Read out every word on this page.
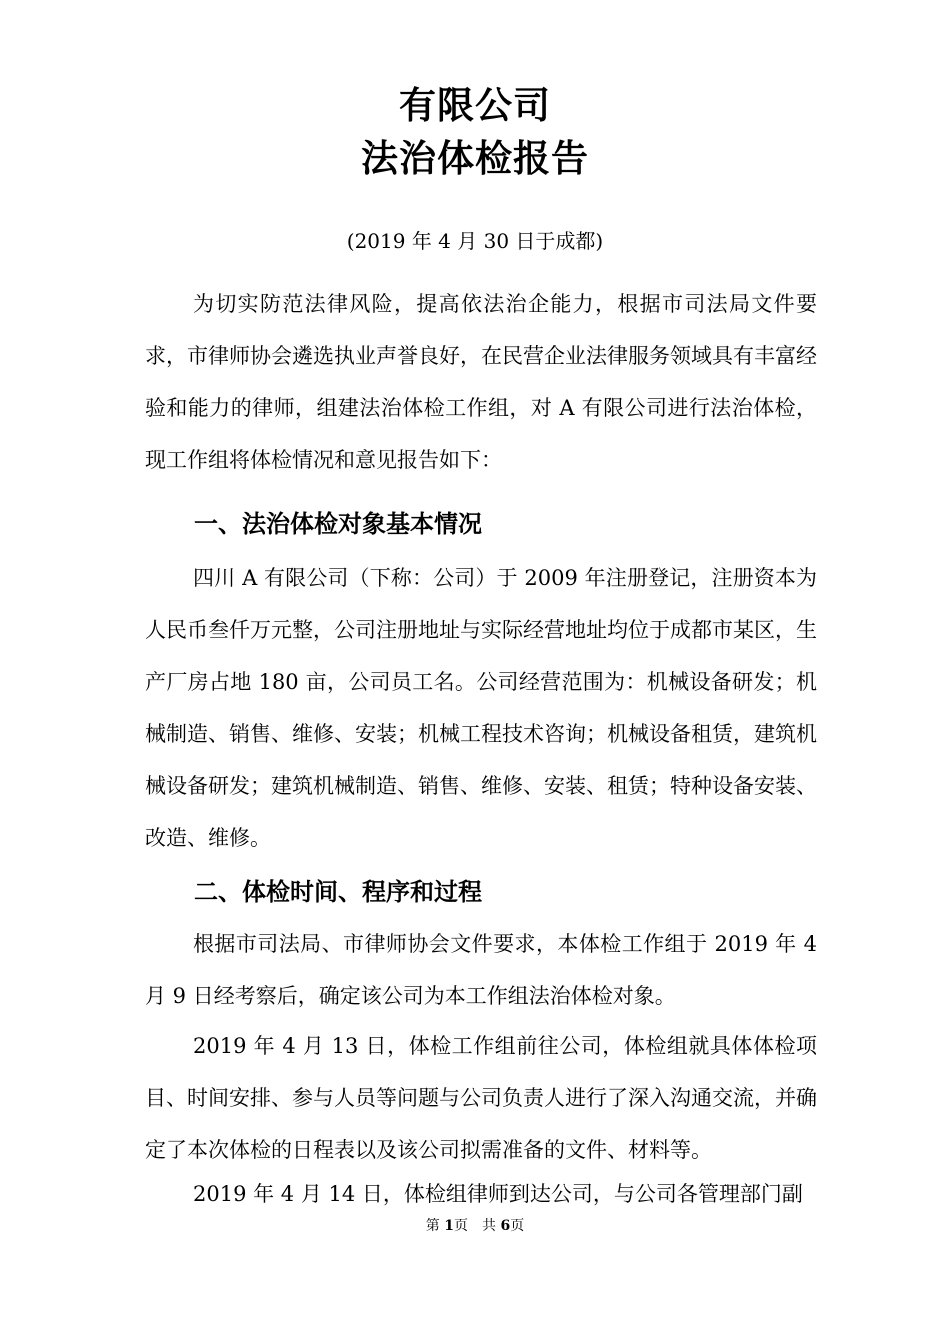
有限公司
法治体检报告
(2019 年 4 月 30 日于成都)

为切实防范法律风险，提高依法治企能力，根据市司法局文件要求，市律师协会遴选执业声誉良好，在民营企业法律服务领域具有丰富经验和能力的律师，组建法治体检工作组，对 A 有限公司进行法治体检，现工作组将体检情况和意见报告如下：

一、法治体检对象基本情况

四川 A 有限公司（下称：公司）于 2009 年注册登记，注册资本为人民币叁仟万元整，公司注册地址与实际经营地址均位于成都市某区，生产厂房占地 180 亩，公司员工名。公司经营范围为：机械设备研发；机械制造、销售、维修、安装；机械工程技术咨询；机械设备租赁，建筑机械设备研发；建筑机械制造、销售、维修、安装、租赁；特种设备安装、改造、维修。

二、体检时间、程序和过程

根据市司法局、市律师协会文件要求，本体检工作组于 2019 年 4 月 9 日经考察后，确定该公司为本工作组法治体检对象。

2019 年 4 月 13 日，体检工作组前往公司，体检组就具体体检项目、时间安排、参与人员等问题与公司负责人进行了深入沟通交流，并确定了本次体检的日程表以及该公司拟需准备的文件、材料等。

2019 年 4 月 14 日，体检组律师到达公司，与公司各管理部门副

第 1页　共 6页
